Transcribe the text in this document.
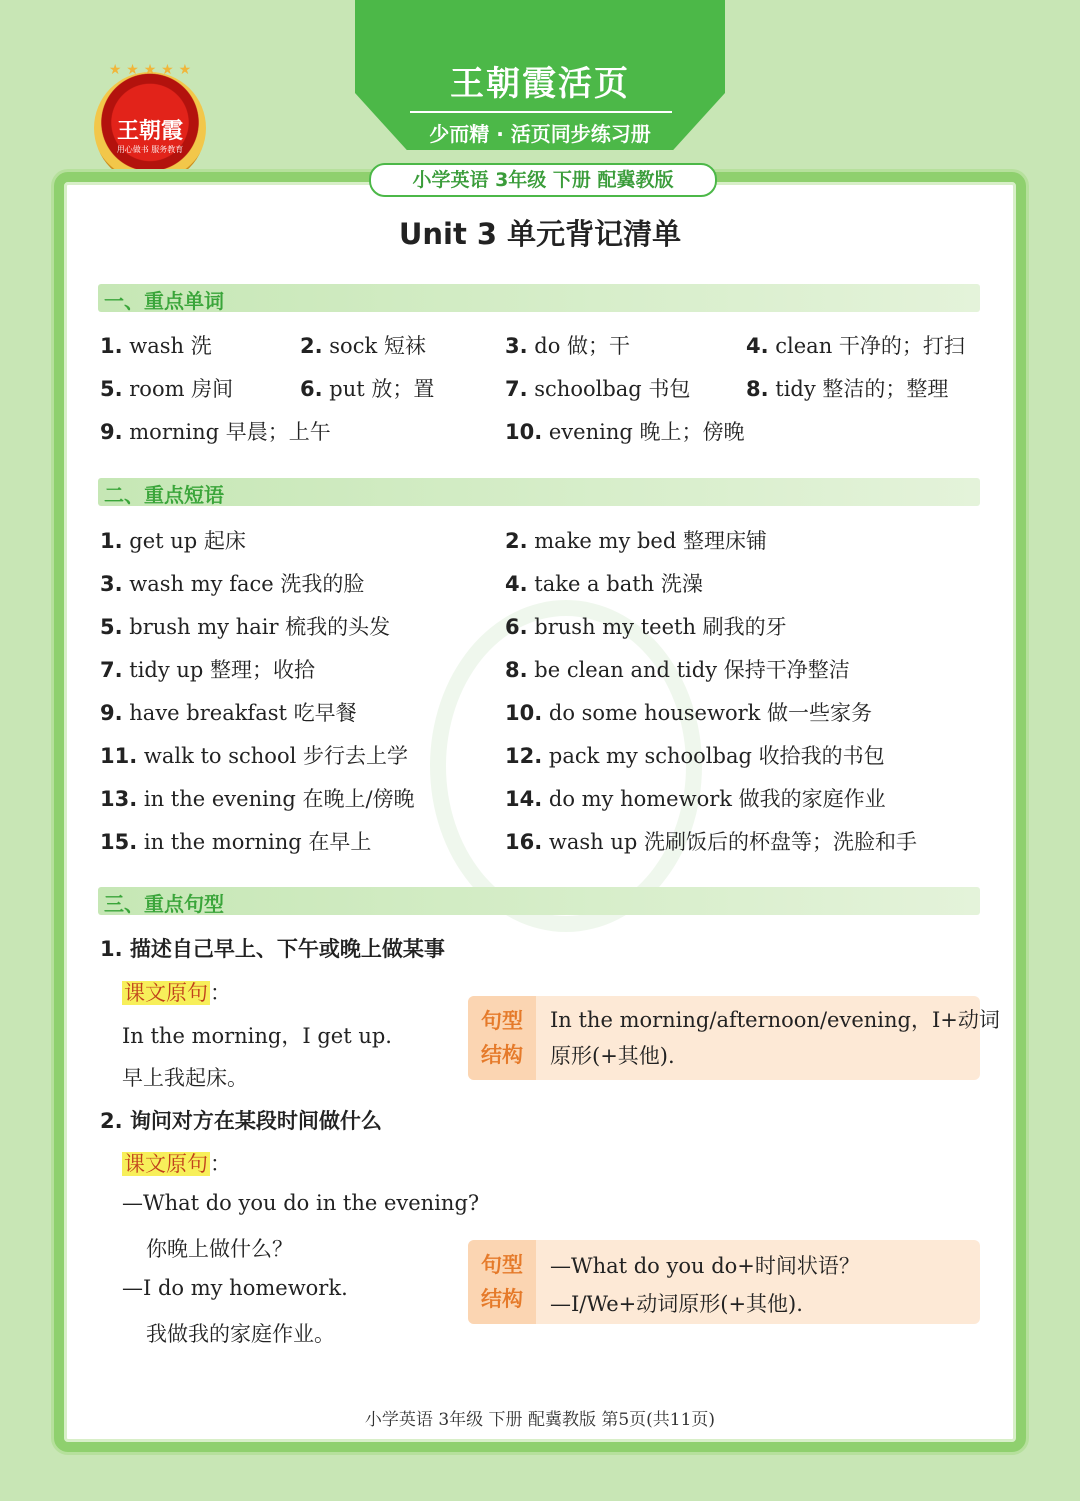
王朝霞活页
少而精 · 活页同步练习册
★ ★ ★ ★ ★
王朝霞
用心做书 服务教育
小学英语 3年级 下册 配冀教版
Unit 3 单元背记清单
一、重点单词
1. wash 洗	2. sock 短袜	3. do 做；干	4. clean 干净的；打扫
5. room 房间	6. put 放；置	7. schoolbag 书包	8. tidy 整洁的；整理
9. morning 早晨；上午	10. evening 晚上；傍晚
二、重点短语
1. get up 起床	2. make my bed 整理床铺
3. wash my face 洗我的脸	4. take a bath 洗澡
5. brush my hair 梳我的头发	6. brush my teeth 刷我的牙
7. tidy up 整理；收拾	8. be clean and tidy 保持干净整洁
9. have breakfast 吃早餐	10. do some housework 做一些家务
11. walk to school 步行去上学	12. pack my schoolbag 收拾我的书包
13. in the evening 在晚上/傍晚	14. do my homework 做我的家庭作业
15. in the morning 在早上	16. wash up 洗刷饭后的杯盘等；洗脸和手
三、重点句型
1. 描述自己早上、下午或晚上做某事
课文原句：
In the morning，I get up.
早上我起床。
句型
结构
In the morning/afternoon/evening，I+动词
原形(+其他).
2. 询问对方在某段时间做什么
课文原句：
—What do you do in the evening?
你晚上做什么？
—I do my homework.
我做我的家庭作业。
句型
结构
—What do you do+时间状语？
—I/We+动词原形(+其他).
小学英语 3年级 下册 配冀教版 第5页(共11页)
